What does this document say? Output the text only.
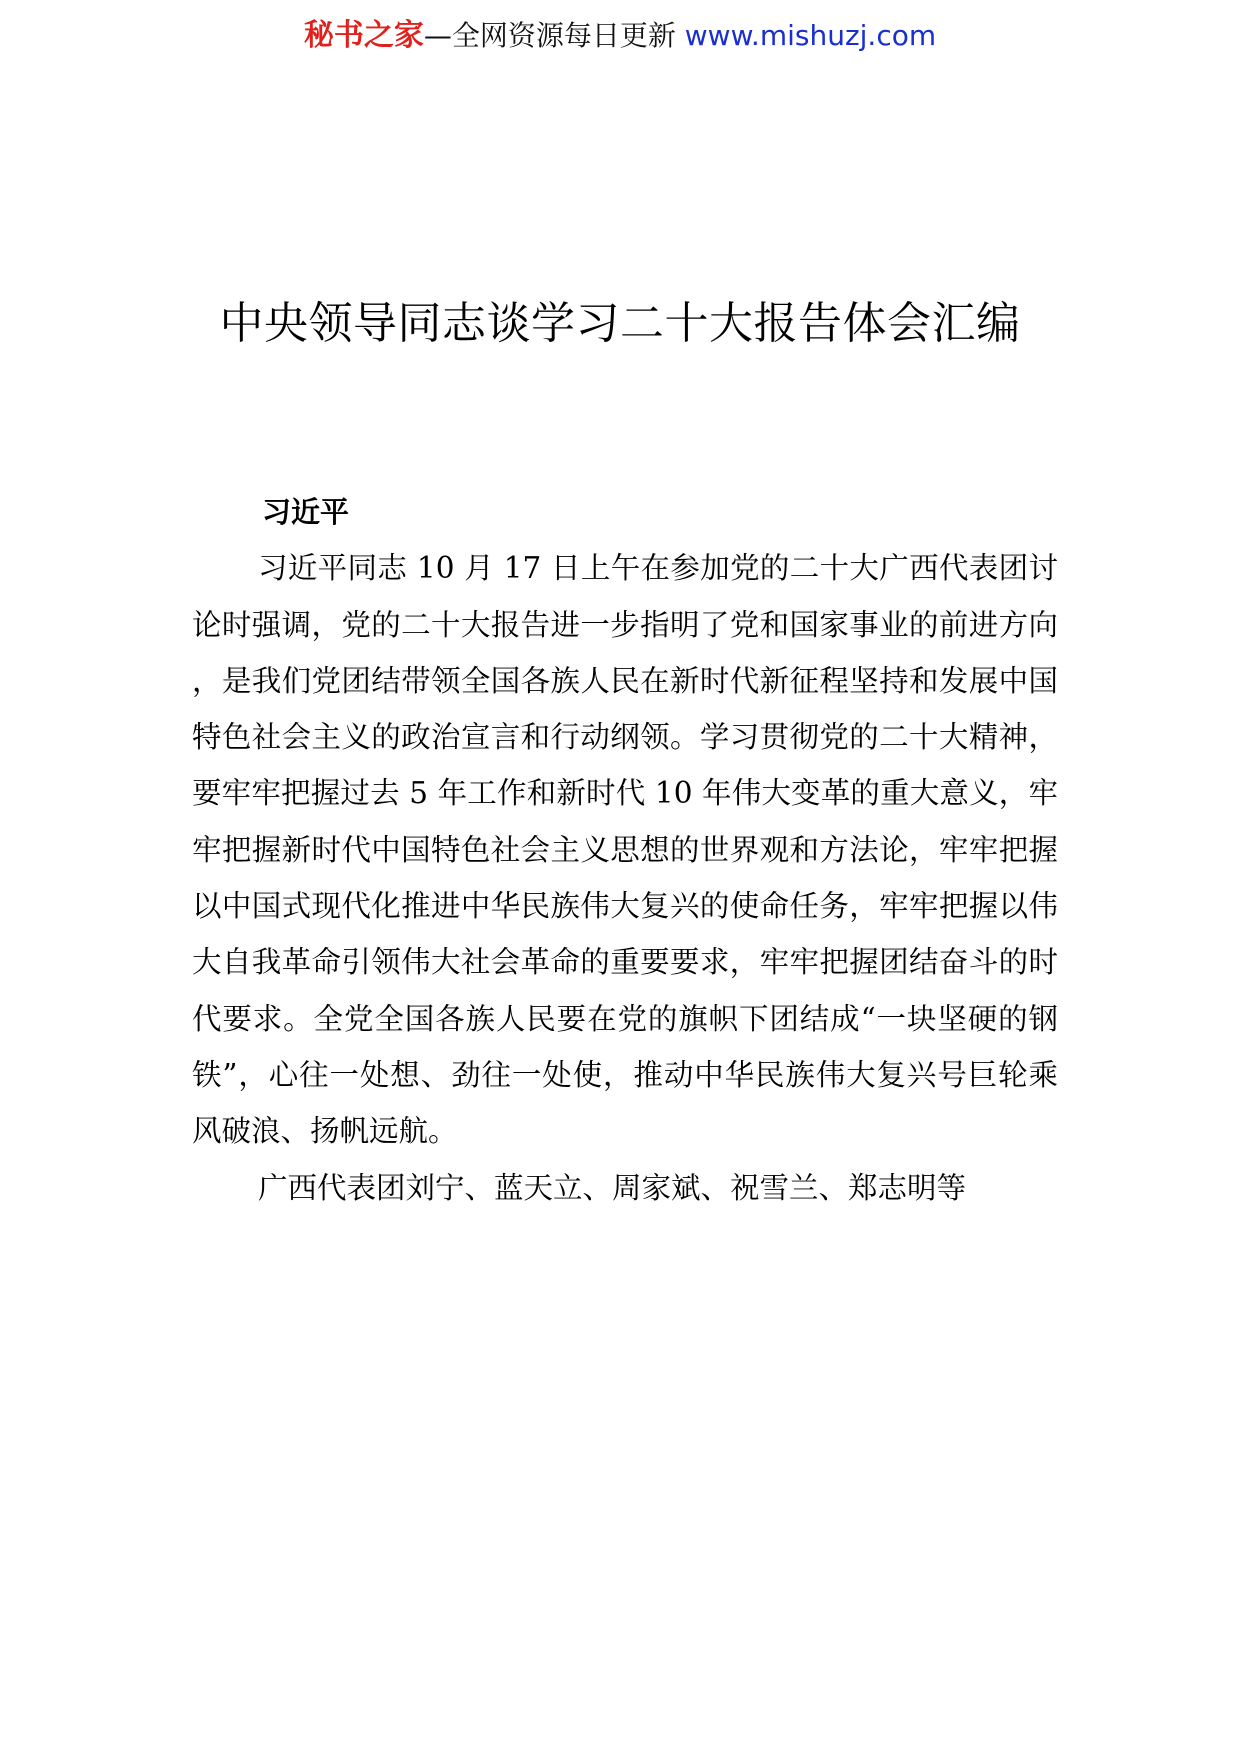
秘书之家—全网资源每日更新 www.mishuzj.com
中央领导同志谈学习二十大报告体会汇编

习近平

习近平同志 10 月 17 日上午在参加党的二十大广西代表团讨论时强调，党的二十大报告进一步指明了党和国家事业的前进方向，是我们党团结带领全国各族人民在新时代新征程坚持和发展中国特色社会主义的政治宣言和行动纲领。学习贯彻党的二十大精神，要牢牢把握过去 5 年工作和新时代 10 年伟大变革的重大意义，牢牢把握新时代中国特色社会主义思想的世界观和方法论，牢牢把握以中国式现代化推进中华民族伟大复兴的使命任务，牢牢把握以伟大自我革命引领伟大社会革命的重要要求，牢牢把握团结奋斗的时代要求。全党全国各族人民要在党的旗帜下团结成“一块坚硬的钢铁”，心往一处想、劲往一处使，推动中华民族伟大复兴号巨轮乘风破浪、扬帆远航。

广西代表团刘宁、蓝天立、周家斌、祝雪兰、郑志明等
